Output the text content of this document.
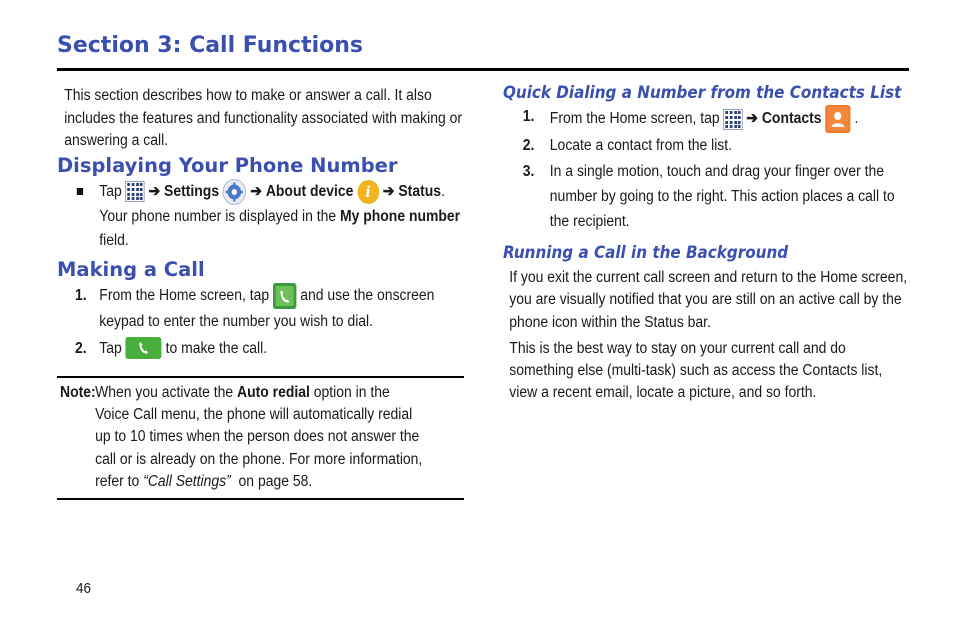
Section 3: Call Functions
This section describes how to make or answer a call. It also includes the features and functionality associated with making or answering a call.
Displaying Your Phone Number
Tap ➔ Settings ➔ About device i ➔ Status. Your phone number is displayed in the My phone number field.
Making a Call
1. From the Home screen, tap and use the onscreen keypad to enter the number you wish to dial.
2. Tap	to make the call.
Note: When you activate the Auto redial option in the Voice Call menu, the phone will automatically redial up to 10 times when the person does not answer the call or is already on the phone. For more information, refer to “Call Settings” on page 58.
Quick Dialing a Number from the Contacts List
1. From the Home screen, tap ➔ Contacts .
2. Locate a contact from the list.
3. In a single motion, touch and drag your finger over the number by going to the right. This action places a call to the recipient.
Running a Call in the Background
If you exit the current call screen and return to the Home screen, you are visually notified that you are still on an active call by the phone icon within the Status bar.
This is the best way to stay on your current call and do something else (multi-task) such as access the Contacts list, view a recent email, locate a picture, and so forth.
46
